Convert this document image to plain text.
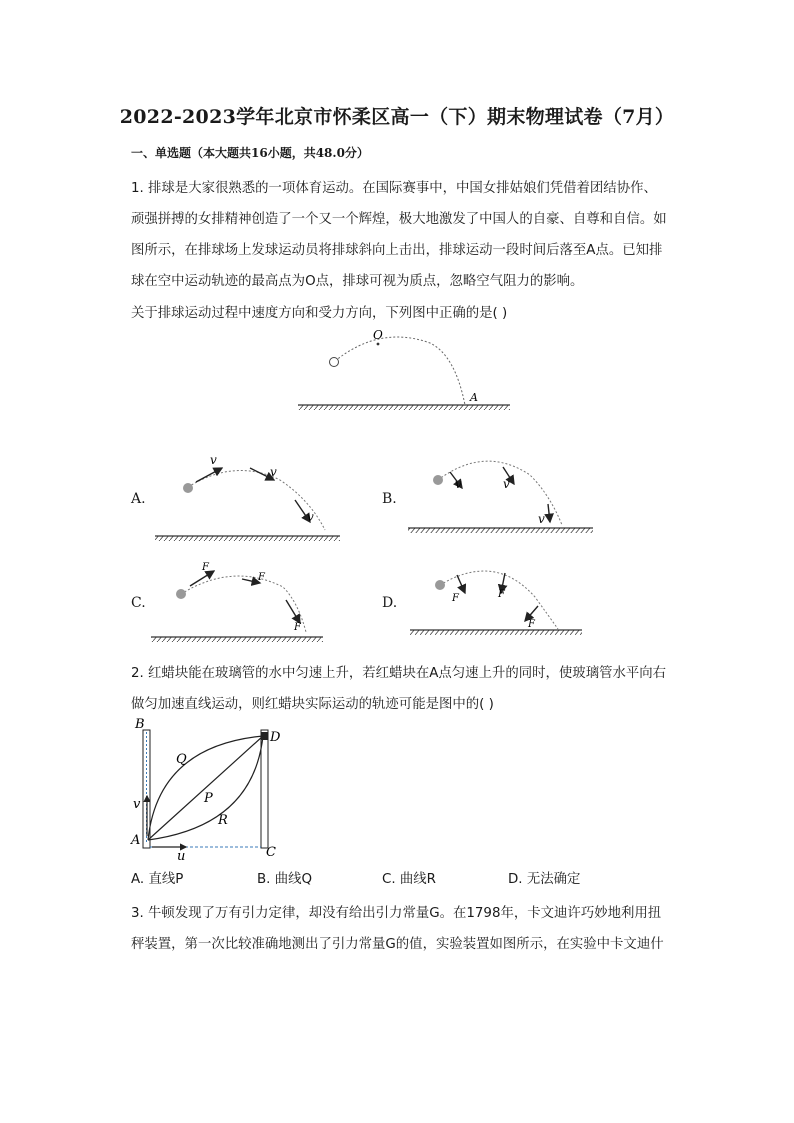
2022-2023学年北京市怀柔区高一（下）期末物理试卷（7月）
一、单选题（本大题共16小题，共48.0分）
1. 排球是大家很熟悉的一项体育运动。在国际赛事中，中国女排姑娘们凭借着团结协作、
顽强拼搏的女排精神创造了一个又一个辉煌，极大地激发了中国人的自豪、自尊和自信。如
图所示，在排球场上发球运动员将排球斜向上击出，排球运动一段时间后落至A点。已知排
球在空中运动轨迹的最高点为O点，排球可视为质点，忽略空气阻力的影响。
关于排球运动过程中速度方向和受力方向，下列图中正确的是( )
O
A
A.
v
v
v
B.
v	v
v
C.
F
F
F
D.	F	F
F
2. 红蜡块能在玻璃管的水中匀速上升，若红蜡块在A点匀速上升的同时，使玻璃管水平向右
做匀加速直线运动，则红蜡块实际运动的轨迹可能是图中的( )
B
D
Q
P
R
v
A
u	C
A. 直线P	B. 曲线Q	C. 曲线R	D. 无法确定
3. 牛顿发现了万有引力定律，却没有给出引力常量G。在1798年，卡文迪许巧妙地利用扭
秤装置，第一次比较准确地测出了引力常量G的值，实验装置如图所示，在实验中卡文迪什
